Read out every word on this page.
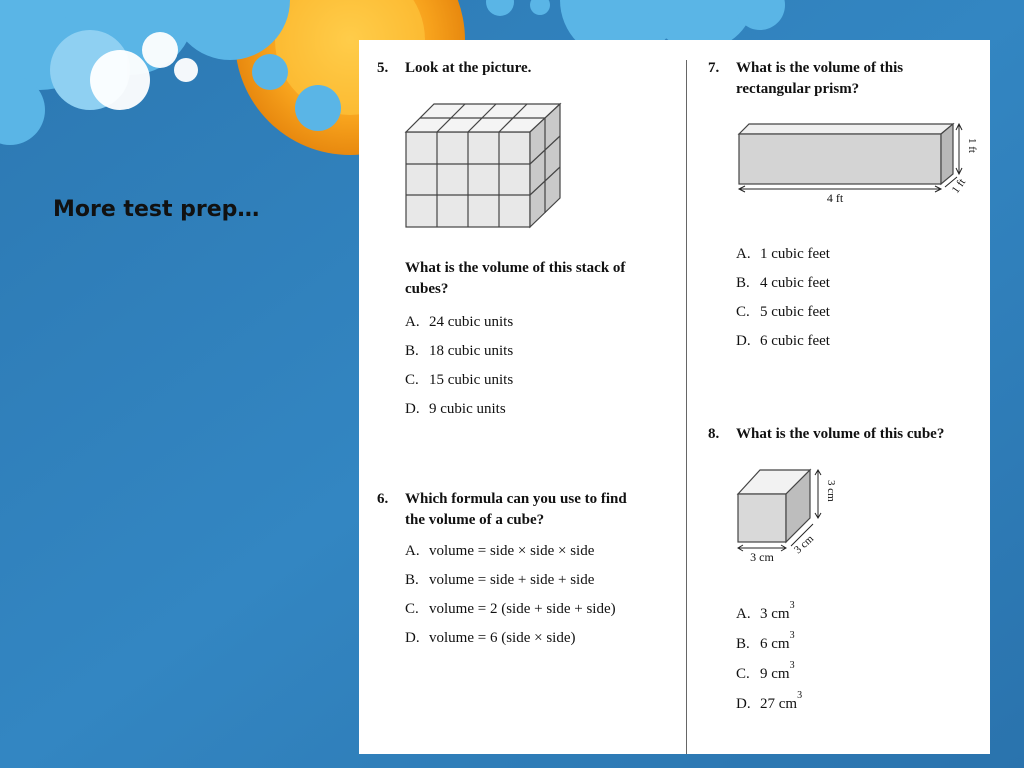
More test prep…
5.	Look at the picture.
What is the volume of this stack of
cubes?
A. 24 cubic units
B. 18 cubic units
C. 15 cubic units
D. 9 cubic units
6.	Which formula can you use to find
the volume of a cube?
A. volume = side × side × side
B. volume = side + side + side
C. volume = 2 (side + side + side)
D. volume = 6 (side × side)
7.	What is the volume of this
rectangular prism?
4 ft
1 ft
1 ft
A. 1 cubic feet
B. 4 cubic feet
C. 5 cubic feet
D. 6 cubic feet
8.	What is the volume of this cube?
3 cm
3 cm
3 cm
A. 3 cm
3
B. 6 cm
3
C. 9 cm
3
D. 27 cm
3
